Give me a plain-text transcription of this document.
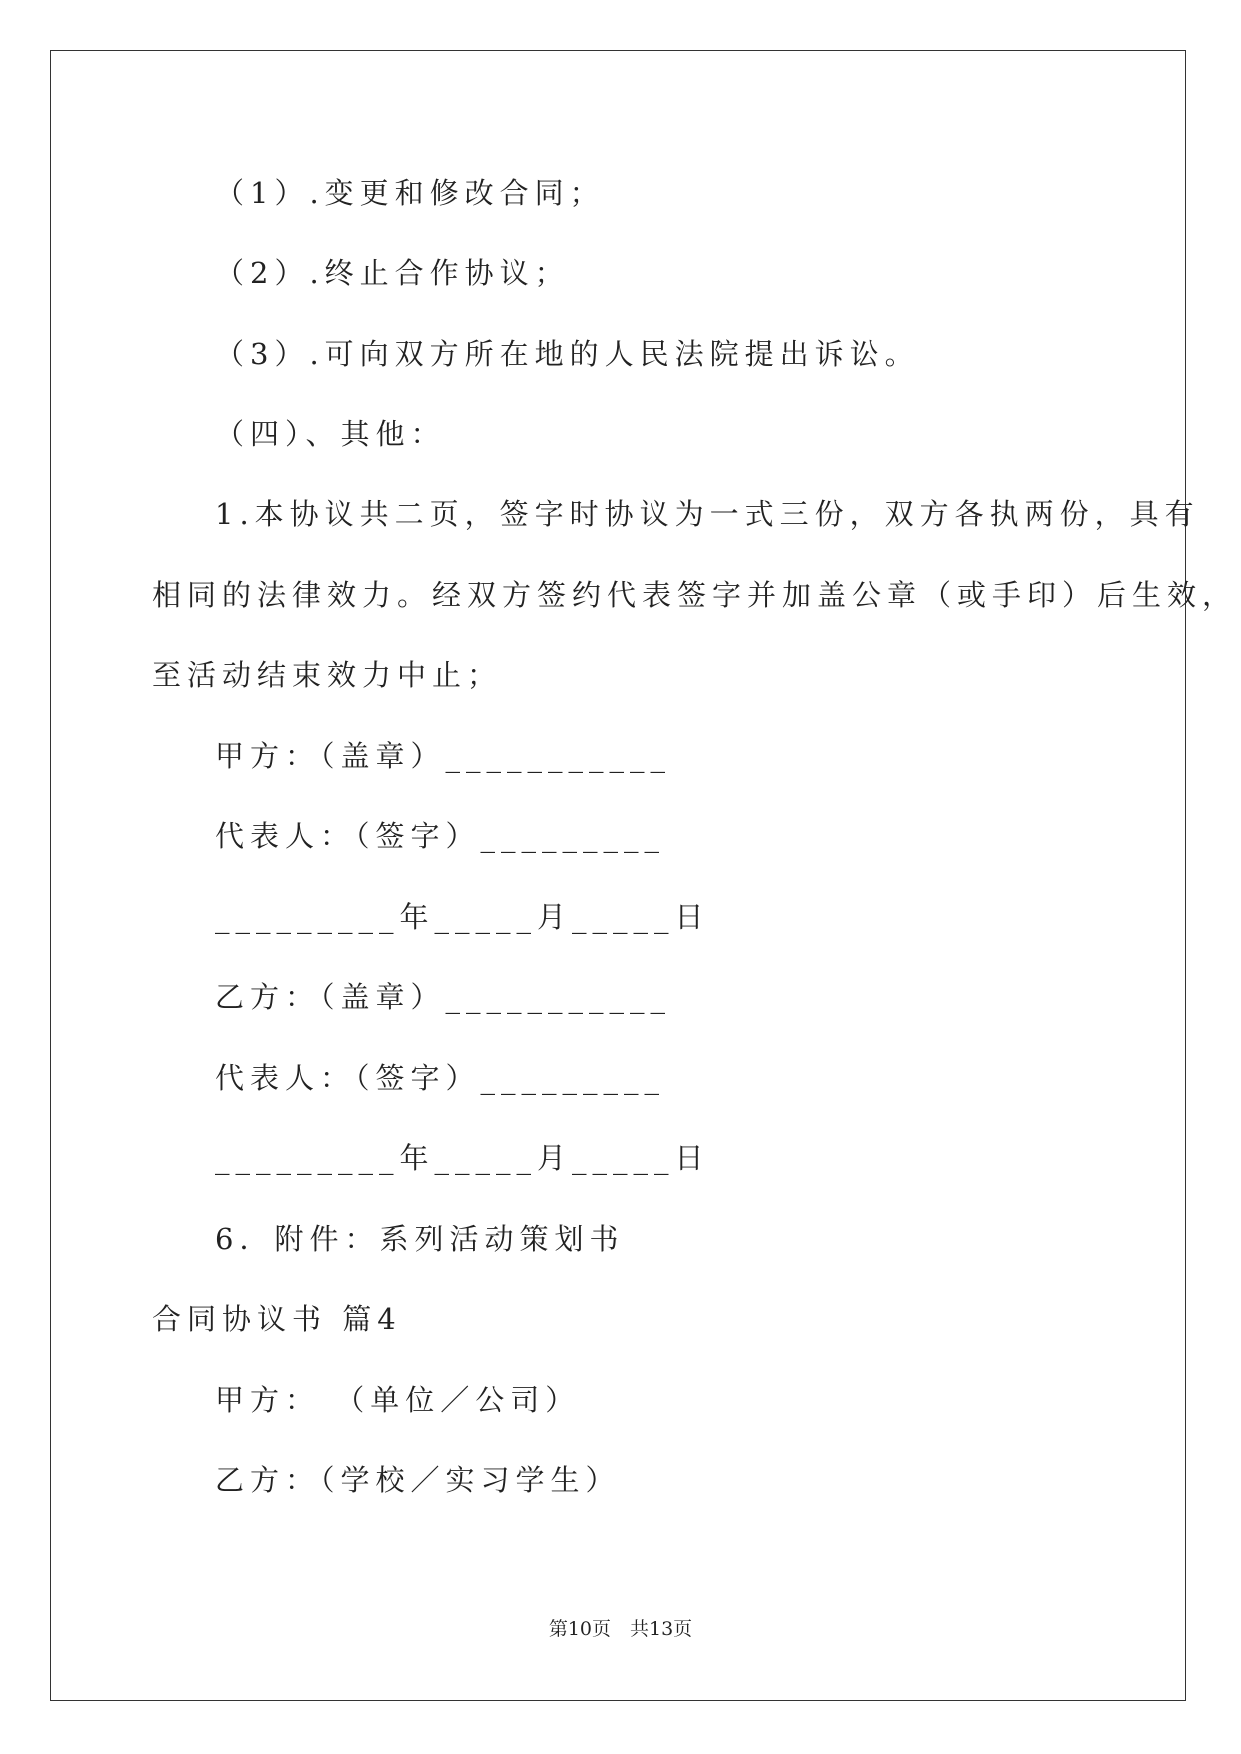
（1）.变更和修改合同；
（2）.终止合作协议；
（3）.可向双方所在地的人民法院提出诉讼。
（四）、其他：
1.本协议共二页，签字时协议为一式三份，双方各执两份，具有
相同的法律效力。经双方签约代表签字并加盖公章（或手印）后生效，
至活动结束效力中止；
甲方：（盖章）___________
代表人：（签字）_________
_________年_____月_____日
乙方：（盖章）___________
代表人：（签字）_________
_________年_____月_____日
6．附件：系列活动策划书
合同协议书 篇4
甲方： （单位／公司）
乙方：（学校／实习学生）
第10页　共13页
